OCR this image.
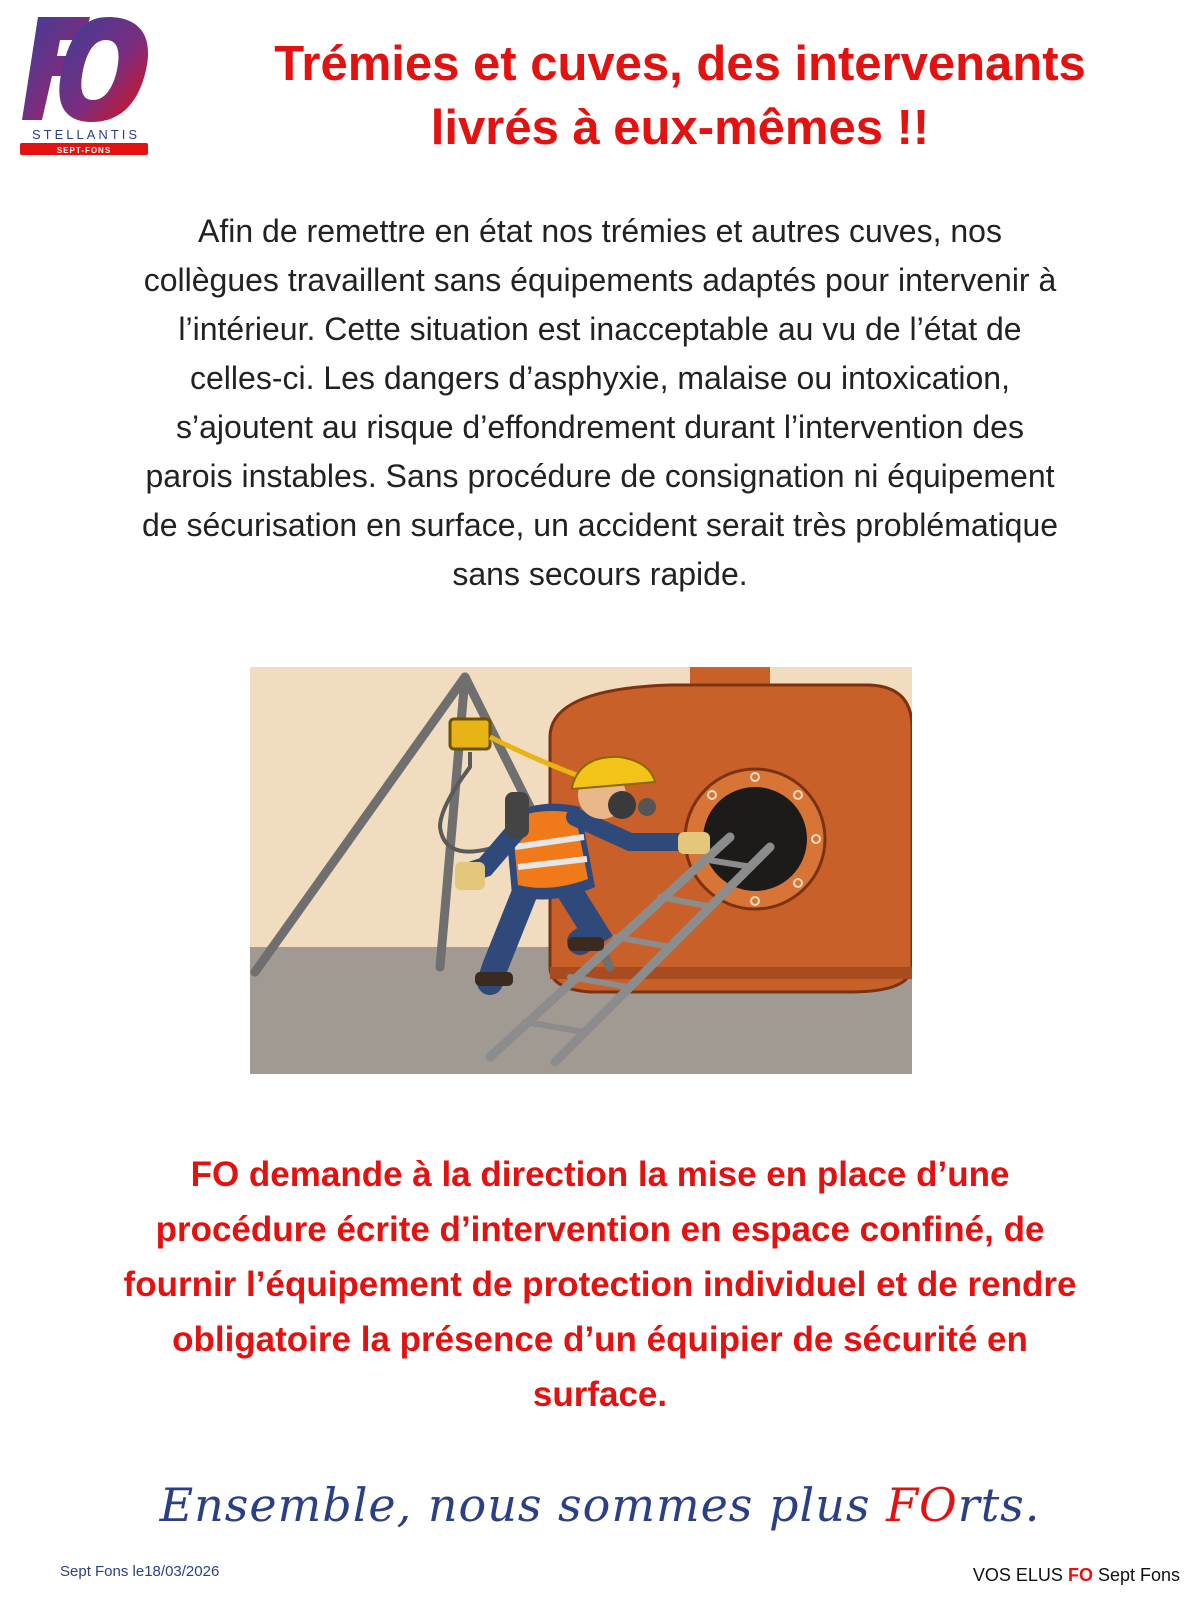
STELLANTIS
SEPT-FONS
Trémies et cuves, des intervenants
livrés à eux-mêmes !!
Afin de remettre en état nos trémies et autres cuves, nos
collègues travaillent sans équipements adaptés pour intervenir à
l’intérieur. Cette situation est inacceptable au vu de l’état de
celles-ci. Les dangers d’asphyxie, malaise ou intoxication,
s’ajoutent au risque d’effondrement durant l’intervention des
parois instables. Sans procédure de consignation ni équipement
de sécurisation en surface, un accident serait très problématique
sans secours rapide.
FO demande à la direction la mise en place d’une
procédure écrite d’intervention en espace confiné, de
fournir l’équipement de protection individuel et de rendre
obligatoire la présence d’un équipier de sécurité en
surface.
Ensemble, nous sommes plus FOrts.
Sept Fons le18/03/2026	VOS ELUS FO Sept Fons
